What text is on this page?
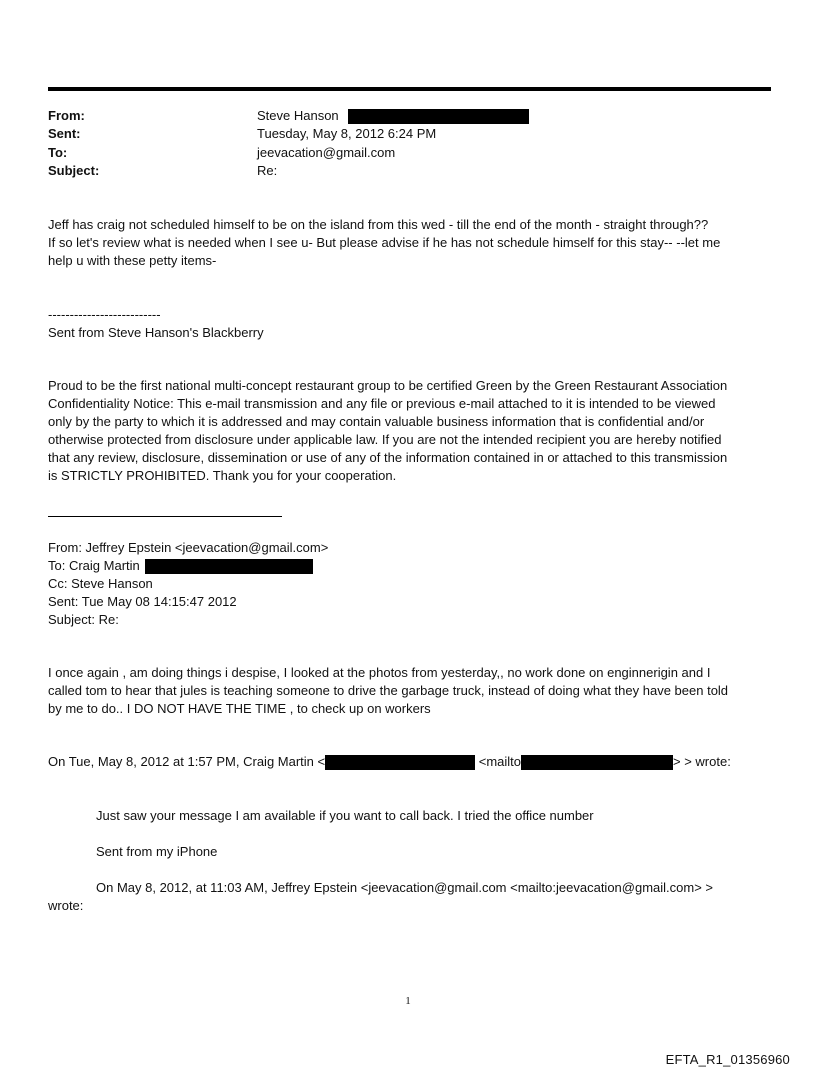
From:	Steve Hanson
Sent:	Tuesday, May 8, 2012 6:24 PM
To:	jeevacation@gmail.com
Subject:	Re:
Jeff has craig not scheduled himself to be on the island from this wed - till the end of the month - straight through??
If so let's review what is needed when I see u- But please advise if he has not schedule himself for this stay-- --let me
help u with these petty items-
--------------------------
Sent from Steve Hanson's Blackberry
Proud to be the first national multi-concept restaurant group to be certified Green by the Green Restaurant Association
Confidentiality Notice: This e-mail transmission and any file or previous e-mail attached to it is intended to be viewed
only by the party to which it is addressed and may contain valuable business information that is confidential and/or
otherwise protected from disclosure under applicable law. If you are not the intended recipient you are hereby notified
that any review, disclosure, dissemination or use of any of the information contained in or attached to this transmission
is STRICTLY PROHIBITED. Thank you for your cooperation.
From: Jeffrey Epstein <jeevacation@gmail.com>
To: Craig Martin
Cc: Steve Hanson
Sent: Tue May 08 14:15:47 2012
Subject: Re:
I once again , am doing things i despise, I looked at the photos from yesterday,, no work done on enginnerigin and I
called tom to hear that jules is teaching someone to drive the garbage truck, instead of doing what they have been told
by me to do.. I DO NOT HAVE THE TIME , to check up on workers
On Tue, May 8, 2012 at 1:57 PM, Craig Martin <	<mailto	> > wrote:
Just saw your message I am available if you want to call back. I tried the office number
Sent from my iPhone
On May 8, 2012, at 11:03 AM, Jeffrey Epstein <jeevacation@gmail.com <mailto:jeevacation@gmail.com> >
wrote:
1
EFTA_R1_01356960
